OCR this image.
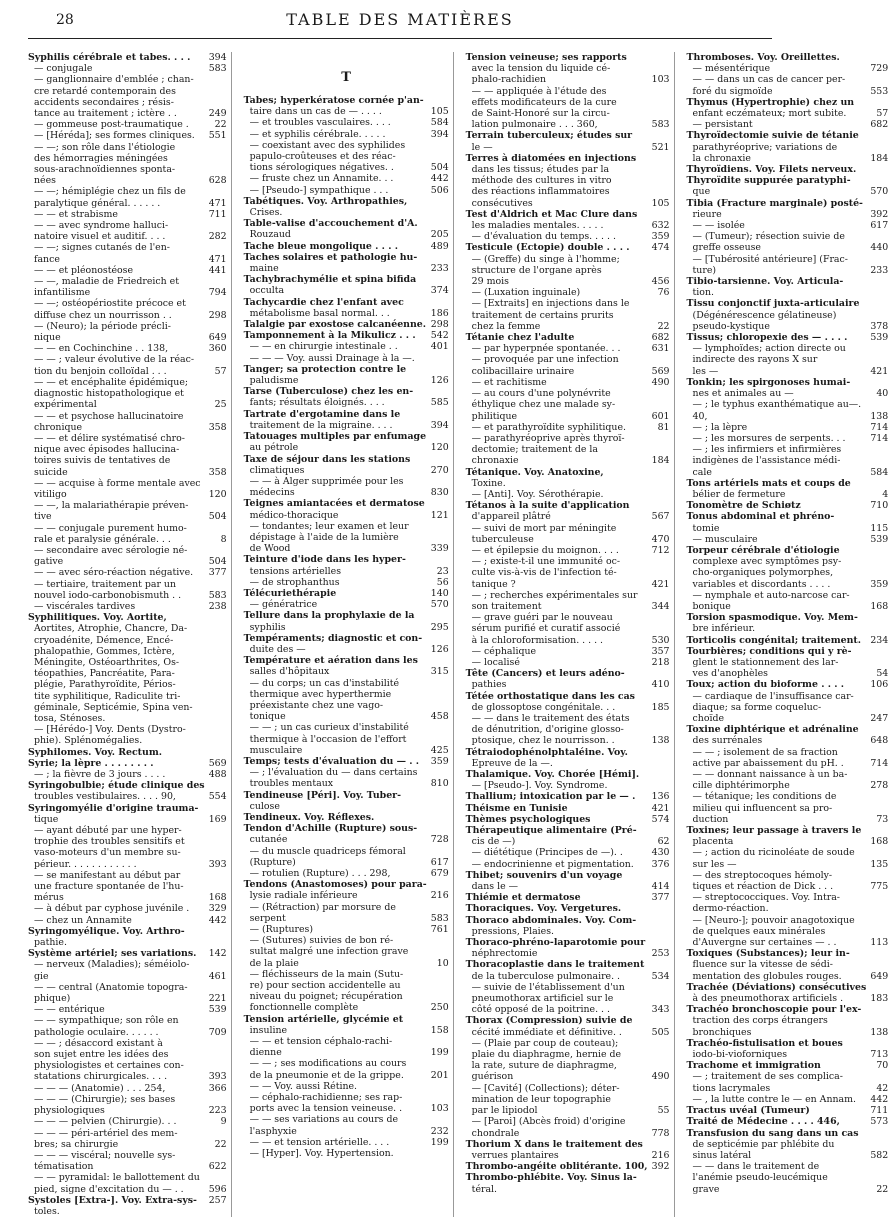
28	TABLE DES MATIÈRES
Syphilis cérébrale et tabes. . . .	394
— conjugale	583
— ganglionnaire d'emblée ; chan-
cre retardé contemporain des
accidents secondaires ; résis-
tance au traitement ; ictère . .	249
— gommeuse post-traumatique .	22
— [Héréda]; ses formes cliniques.	551
— —; son rôle dans l'étiologie
des hémorragies méningées
sous-arachnoïdiennes sponta-
nées	628
— —; hémiplégie chez un fils de
paralytique général. . . . . .	471
— — et strabisme	711
— — avec syndrome halluci-
natoire visuel et auditif. . . .	282
— —; signes cutanés de l'en-
fance	471
— — et pléonostéose	441
— —, maladie de Friedreich et
infantilisme	794
— —; ostéopériostite précoce et
diffuse chez un nourrisson . .	298
— (Neuro); la période précli-
nique	649
— — en Cochinchine . . 138,	360
— — ; valeur évolutive de la réac-
tion du benjoin colloïdal . . .	57
— — et encéphalite épidémique;
diagnostic histopathologique et
expérimental	25
— — et psychose hallucinatoire
chronique	358
— — et délire systématisé chro-
nique avec épisodes hallucina-
toires suivis de tentatives de
suicide	358
— — acquise à forme mentale avec
vitiligo	120
— —, la malariathérapie préven-
tive	504
— — conjugale purement humo-
rale et paralysie générale. . .	8
— secondaire avec sérologie né-
gative	504
— — avec séro-réaction négative.	377
— tertiaire, traitement par un
nouvel iodo-carbonobismuth . .	583
— viscérales tardives	238
Syphilitiques. Voy. Aortite,
Aortites, Atrophie, Chancre, Da-
cryoadénite, Démence, Encé-
phalopathie, Gommes, Ictère,
Méningite, Ostéoarthrites, Os-
téopathies, Pancréatite, Para-
plégie, Parathyroïdite, Périos-
tite syphilitique, Radiculite tri-
géminale, Septicémie, Spina ven-
tosa, Sténoses.
— [Hérédo-] Voy. Dents (Dystro-
phie). Splénomégalies.
Syphilomes. Voy. Rectum.
Syrie; la lèpre . . . . . . . .	569
— ; la fièvre de 3 jours . . . .	488
Syringobulbie; étude clinique des
troubles vestibulaires. . . . 90,	554
Syringomyélie d'origine trauma-
tique	169
— ayant débuté par une hyper-
trophie des troubles sensitifs et
vaso-moteurs d'un membre su-
périeur. . . . . . . . . . . .	393
— se manifestant au début par
une fracture spontanée de l'hu-
mérus	168
— à début par cyphose juvénile .	329
— chez un Annamite	442
Syringomyélique. Voy. Arthro-
pathie.
Système artériel; ses variations.	142
— nerveux (Maladies); séméiolo-
gie	461
— — central (Anatomie topogra-
phique)	221
— — entérique	539
— — sympathique; son rôle en
pathologie oculaire. . . . . .	709
— — ; désaccord existant à
son sujet entre les idées des
physiologistes et certaines con-
statations chirurgicales. . . .	393
— — — (Anatomie) . . . 254,	366
— — — (Chirurgie); ses bases
physiologiques	223
— — — pelvien (Chirurgie). . .	9
— — — péri-artériel des mem-
bres; sa chirurgie	22
— — — viscéral; nouvelle sys-
tématisation	622
— — pyramidal: le ballottement du
pied, signe d'excitation du — . .	596
Systoles [Extra-]. Voy. Extra-sys-	257
toles.
T
Tabes; hyperkératose cornée p'an-
taire dans un cas de — . . . .	105
— et troubles vasculaires. . . .	584
— et syphilis cérébrale. . . . .	394
— coexistant avec des syphilides
papulo-croûteuses et des réac-
tions sérologiques négatives. .	504
— fruste chez un Annamite. . .	442
— [Pseudo-] sympathique . . .	506
Tabétiques. Voy. Arthropathies,
Crises.
Table-valise d'accouchement d'A.
Rouzaud	205
Tache bleue mongolique . . . .	489
Taches solaires et pathologie hu-
maine	233
Tachybrachymélie et spina bifida
occulta	374
Tachycardie chez l'enfant avec
métabolisme basal normal. . .	186
Talalgie par exostose calcanéenne. 298
Tamponnement à la Mikulicz . . .	542
— — en chirurgie intestinale . .	401
— — — Voy. aussi Drainage à la —.
Tanger; sa protection contre le
paludisme	126
Tarse (Tuberculose) chez les en-
fants; résultats éloignés. . . .	585
Tartrate d'ergotamine dans le
traitement de la migraine. . . .	394
Tatouages multiples par enfumage
au pétrole	120
Taxe de séjour dans les stations
climatiques	270
— — à Alger supprimée pour les
médecins	830
Teignes amiantacées et dermatose
médico-thoracique	121
— tondantes; leur examen et leur
dépistage à l'aide de la lumière
de Wood	339
Teinture d'iode dans les hyper-
tensions artérielles	23
— de strophanthus	56
Télécuriethérapie	140
— génératrice	570
Tellure dans la prophylaxie de la
syphilis	295
Tempéraments; diagnostic et con-
duite des —	126
Température et aération dans les
salles d'hôpitaux	315
— du corps; un cas d'instabilité
thermique avec hyperthermie
préexistante chez une vago-
tonique	458
— — ; un cas curieux d'instabilité
thermique à l'occasion de l'effort
musculaire	425
Temps; tests d'évaluation du — . .	359
— ; l'évaluation du — dans certains
troubles mentaux	810
Tendineuse [Péri]. Voy. Tuber-
culose
Tendineux. Voy. Réflexes.
Tendon d'Achille (Rupture) sous-
cutanée	728
— du muscle quadriceps fémoral
(Rupture)	617
— rotulien (Rupture) . . . 298,	679
Tendons (Anastomoses) pour para-
lysie radiale inférieure	216
— (Rétraction) par morsure de
serpent	583
— (Ruptures)	761
— (Sutures) suivies de bon ré-
sultat malgré une infection grave
de la plaie	10
— fléchisseurs de la main (Sutu-
re) pour section accidentelle au
niveau du poignet; récupération
fonctionnelle complète	250
Tension artérielle, glycémie et
insuline	158
— — et tension céphalo-rachi-
dienne	199
— — ; ses modifications au cours
de la pneumonie et de la grippe.	201
— — Voy. aussi Rétine.
— céphalo-rachidienne; ses rap-
ports avec la tension veineuse. .	103
— — ses variations au cours de
l'asphyxie	232
— — et tension artérielle. . . .	199
— [Hyper]. Voy. Hypertension.
Tension veineuse; ses rapports
avec la tension du liquide cé-
phalo-rachidien	103
— — appliquée à l'étude des
effets modificateurs de la cure
de Saint-Honoré sur la circu-
lation pulmonaire . . . 360,	583
Terrain tuberculeux; études sur
le —	521
Terres à diatomées en injections
dans les tissus; études par la
méthode des cultures in vitro
des réactions inflammatoires
consécutives	105
Test d'Aldrich et Mac Clure dans
les maladies mentales. . . . .	632
— d'évaluation du temps. . . . .	359
Testicule (Ectopie) double . . . .	474
— (Greffe) du singe à l'homme;
structure de l'organe après
29 mois	456
— (Luxation inguinale)	76
— [Extraits] en injections dans le
traitement de certains prurits
chez la femme	22
Tétanie chez l'adulte	682
— par hyperpnée spontanée. . .	631
— provoquée par une infection
colibacillaire urinaire	569
— et rachitisme	490
— au cours d'une polynévrite
éthylique chez une malade sy-
philitique	601
— et parathyroïdite syphilitique.	81
— parathyréoprive après thyroï-
dectomie; traitement de la
chronaxie	184
Tétanique. Voy. Anatoxine,
Toxine.
— [Anti]. Voy. Sérothérapie.
Tétanos à la suite d'application
d'appareil plâtré	567
— suivi de mort par méningite
tuberculeuse	470
— et épilepsie du moignon. . . .	712
— ; existe-t-il une immunité oc-
culte vis-à-vis de l'infection té-
tanique ?	421
— ; recherches expérimentales sur
son traitement	344
— grave guéri par le nouveau
sérum purifié et curatif associé
à la chloroformisation. . . . .	530
— céphalique	357
— localisé	218
Tête (Cancers) et leurs adéno-
pathies	410
Tétée orthostatique dans les cas
de glossoptose congénitale. . .	185
— — dans le traitement des états
de dénutrition, d'origine glosso-
ptosique, chez le nourrisson. .	138
Tétraiodophénolphtaléine. Voy.
Epreuve de la —.
Thalamique. Voy. Chorée [Hémi].
— [Pseudo-]. Voy. Syndrome.
Thallium; intoxication par le — .	136
Théisme en Tunisie	421
Thèmes psychologiques	574
Thérapeutique alimentaire (Pré-
cis de —)	62
— diététique (Principes de —). .	430
— endocrinienne et pigmentation.	376
Thibet; souvenirs d'un voyage
dans le —	414
Thiémie et dermatose	377
Thoraciques. Voy. Vergetures.
Thoraco abdominales. Voy. Com-
pressions, Plaies.
Thoraco-phréno-laparotomie pour
néphrectomie	253
Thoracoplastie dans le traitement
de la tuberculose pulmonaire. .	534
— suivie de l'établissement d'un
pneumothorax artificiel sur le
côté opposé de la poitrine. . .	343
Thorax (Compression) suivie de
cécité immédiate et définitive. .	505
— (Plaie par coup de couteau);
plaie du diaphragme, hernie de
la rate, suture de diaphragme,
guérison	490
— [Cavité] (Collections); déter-
mination de leur topographie
par le lipiodol	55
— [Paroi] (Abcès froid) d'origine
chondrale	778
Thorium X dans le traitement des
verrues plantaires	216
Thrombo-angéite oblitérante. 100, 392
Thrombo-phlébite. Voy. Sinus la-
téral.
Thromboses. Voy. Oreillettes.
— mésentérique	729
— — dans un cas de cancer per-
foré du sigmoïde	553
Thymus (Hypertrophie) chez un
enfant eczémateux; mort subite.	57
— persistant	682
Thyroïdectomie suivie de tétanie
parathyréoprive; variations de
la chronaxie	184
Thyroïdiens. Voy. Filets nerveux.
Thyroïdite suppurée paratyphi-
que	570
Tibia (Fracture marginale) posté-
rieure	392
— — isolée	617
— (Tumeur); résection suivie de
greffe osseuse	440
— [Tubérosité antérieure] (Frac-
ture)	233
Tibio-tarsienne. Voy. Articula-
tion.
Tissu conjonctif juxta-articulaire
(Dégénérescence gélatineuse)
pseudo-kystique	378
Tissus; chloropexie des — . . . .	539
— lymphoïdes; action directe ou
indirecte des rayons X sur
les —	421
Tonkin; les spirgonoses humai-
nes et animales au —	40
— ; le typhus exanthématique au—.
40,	138
— ; la lèpre	714
— ; les morsures de serpents. . .	714
— ; les infirmiers et infirmières
indigènes de l'assistance médi-
cale	584
Tons artériels mats et coups de
bélier de fermeture	4
Tonomètre de Schiøtz	710
Tonus abdominal et phréno-
tomie	115
— musculaire	539
Torpeur cérébrale d'étiologie
complexe avec symptômes psy-
cho-organiques polymorphes,
variables et discordants . . . .	359
— nymphale et auto-narcose car-
bonique	168
Torsion spasmodique. Voy. Mem-
bre inférieur.
Torticolis congénital; traitement. 234
Tourbières; conditions qui y rè-
glent le stationnement des lar-
ves d'anophèles	54
Toux; action du bioforme . . . .	106
— cardiaque de l'insuffisance car-
diaque; sa forme coqueluc-
choïde	247
Toxine diphtérique et adrénaline
des surrénales	648
— — ; isolement de sa fraction
active par abaissement du pH. .	714
— — donnant naissance à un ba-
cille diphtérimorphe	278
— tétanique; les conditions de
milieu qui influencent sa pro-
duction	73
Toxines; leur passage à travers le
placenta	168
— ; action du ricinoléate de soude
sur les —	135
— des streptocoques hémoly-
tiques et réaction de Dick . . .	775
— streptococciques. Voy. Intra-
dermo-réaction.
— [Neuro-]; pouvoir anagotoxique
de quelques eaux minérales
d'Auvergne sur certaines — . .	113
Toxiques (Substances); leur in-
fluence sur la vitesse de sédi-
mentation des globules rouges.	649
Trachée (Déviations) consécutives
à des pneumothorax artificiels .	183
Trachéo bronchoscopie pour l'ex-
traction des corps étrangers
bronchiques	138
Trachéo-fistulisation et boues
iodo-bi-vioforniques	713
Trachome et immigration	70
— ; traitement de ses complica-
tions lacrymales	42
— , la lutte contre le — en Annam.	442
Tractus uvéal (Tumeur)	711
Traité de Médecine . . . . 446,	573
Transfusion du sang dans un cas
de septicémie par phlébite du
sinus latéral	582
— — dans le traitement de
l'anémie pseudo-leucémique
grave	22
